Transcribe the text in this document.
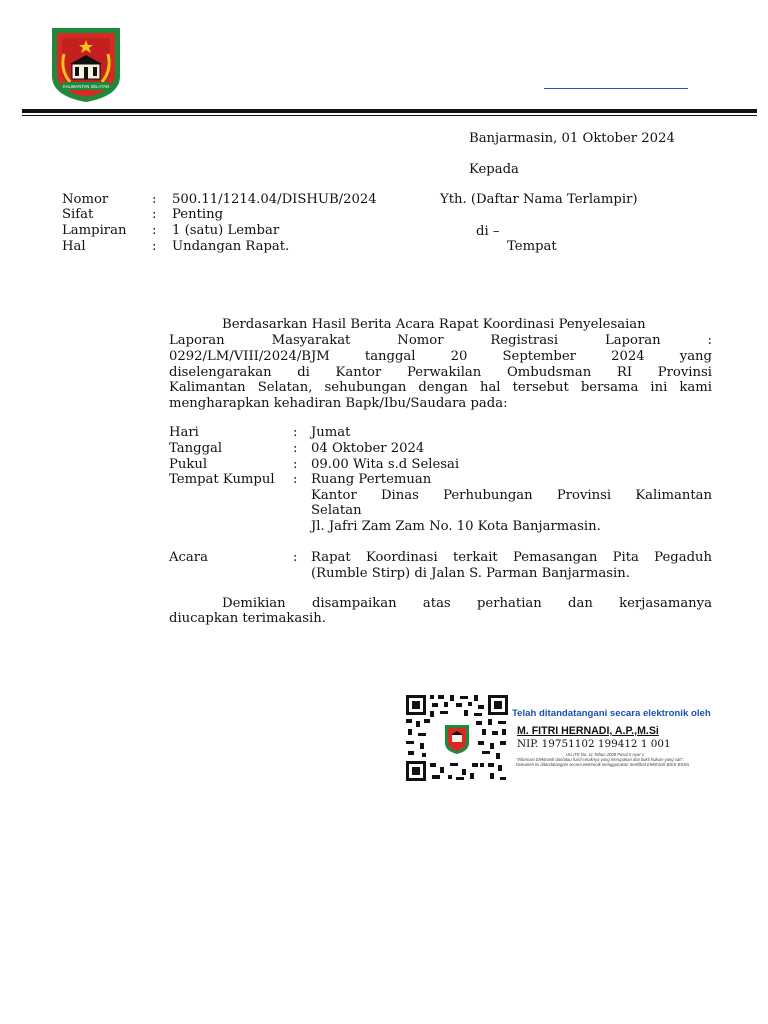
KALIMANTAN SELATAN
Banjarmasin, 01 Oktober 2024
Kepada
Yth. (Daftar Nama Terlampir)
di –
Tempat
Nomor	: 500.11/1214.04/DISHUB/2024
Sifat	: Penting
Lampiran : 1 (satu) Lembar
Hal	: Undangan Rapat.
Berdasarkan Hasil Berita Acara Rapat Koordinasi Penyelesaian
Laporan Masyarakat Nomor Registrasi Laporan :
0292/LM/VIII/2024/BJM tanggal 20 September 2024 yang
diselengarakan di Kantor Perwakilan Ombudsman RI Provinsi
Kalimantan Selatan, sehubungan dengan hal tersebut bersama ini kami mengharapkan kehadiran Bapk/Ibu/Saudara pada:
Hari	: Jumat
Tanggal	: 04 Oktober 2024
Pukul	: 09.00 Wita s.d Selesai
Tempat Kumpul : Ruang Pertemuan
Kantor Dinas Perhubungan Provinsi Kalimantan
Selatan
Jl. Jafri Zam Zam No. 10 Kota Banjarmasin.
Acara	: Rapat Koordinasi terkait Pemasangan Pita Pegaduh
(Rumble Stirp) di Jalan S. Parman Banjarmasin.
Demikian disampaikan atas perhatian dan kerjasamanya
diucapkan terimakasih.
Telah ditandatangani secara elektronik oleh
M. FITRI HERNADI, A.P.,M.Si
NIP. 19751102 199412 1 001
UU ITE No. 11 Tahun 2008 Pasal 5 Ayat 1
"Informasi Elektronik dan/atau hasil cetaknya yang merupakan alat bukti hukum yang sah".
Dokumen ini ditandatangani secara elektronik menggunakan Sertifikat Elektronik BSrE-BSSN
